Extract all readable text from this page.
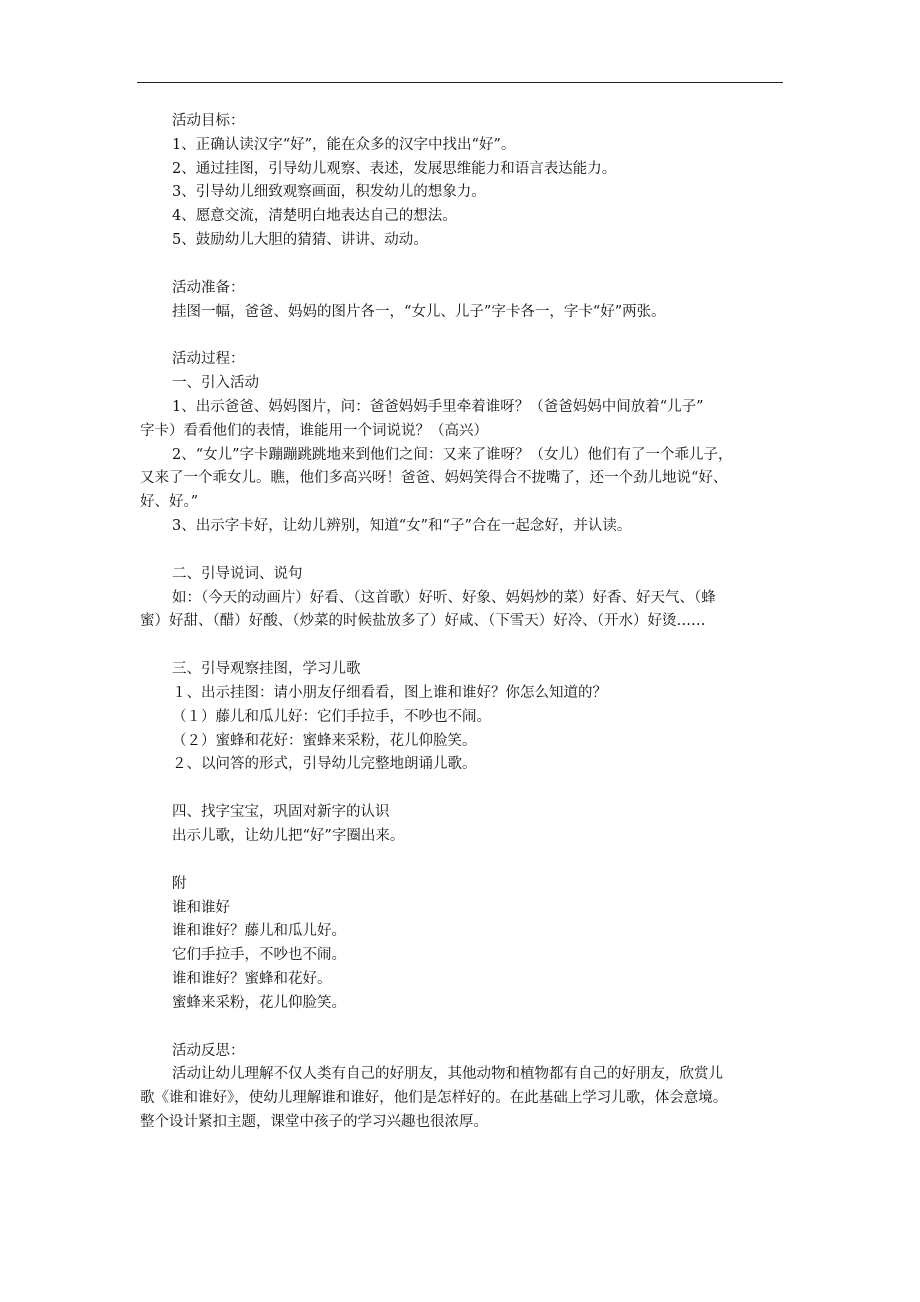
活动目标：
1、正确认读汉字“好”，能在众多的汉字中找出“好”。
2、通过挂图，引导幼儿观察、表述，发展思维能力和语言表达能力。
3、引导幼儿细致观察画面，积发幼儿的想象力。
4、愿意交流，清楚明白地表达自己的想法。
5、鼓励幼儿大胆的猜猜、讲讲、动动。
活动准备：
挂图一幅，爸爸、妈妈的图片各一，“女儿、儿子”字卡各一，字卡“好”两张。
活动过程：
一、引入活动
1、出示爸爸、妈妈图片，问：爸爸妈妈手里牵着谁呀？（爸爸妈妈中间放着“儿子”
字卡）看看他们的表情，谁能用一个词说说？（高兴）
2、“女儿”字卡蹦蹦跳跳地来到他们之间：又来了谁呀？（女儿）他们有了一个乖儿子，
又来了一个乖女儿。瞧，他们多高兴呀！爸爸、妈妈笑得合不拢嘴了，还一个劲儿地说“好、
好、好。”
3、出示字卡好，让幼儿辨别，知道“女”和“子”合在一起念好，并认读。
二、引导说词、说句
如：（今天的动画片）好看、（这首歌）好听、好象、妈妈炒的菜）好香、好天气、（蜂
蜜）好甜、（醋）好酸、（炒菜的时候盐放多了）好咸、（下雪天）好冷、（开水）好烫……
三、引导观察挂图，学习儿歌
１、出示挂图：请小朋友仔细看看，图上谁和谁好？你怎么知道的？
（１）藤儿和瓜儿好：它们手拉手，不吵也不闹。
（２）蜜蜂和花好：蜜蜂来采粉，花儿仰脸笑。
２、以问答的形式，引导幼儿完整地朗诵儿歌。
四、找字宝宝，巩固对新字的认识
出示儿歌，让幼儿把“好”字圈出来。
附
谁和谁好
谁和谁好？藤儿和瓜儿好。
它们手拉手，不吵也不闹。
谁和谁好？蜜蜂和花好。
蜜蜂来采粉，花儿仰脸笑。
活动反思：
活动让幼儿理解不仅人类有自己的好朋友，其他动物和植物都有自己的好朋友，欣赏儿
歌《谁和谁好》，使幼儿理解谁和谁好，他们是怎样好的。在此基础上学习儿歌，体会意境。
整个设计紧扣主题，课堂中孩子的学习兴趣也很浓厚。
